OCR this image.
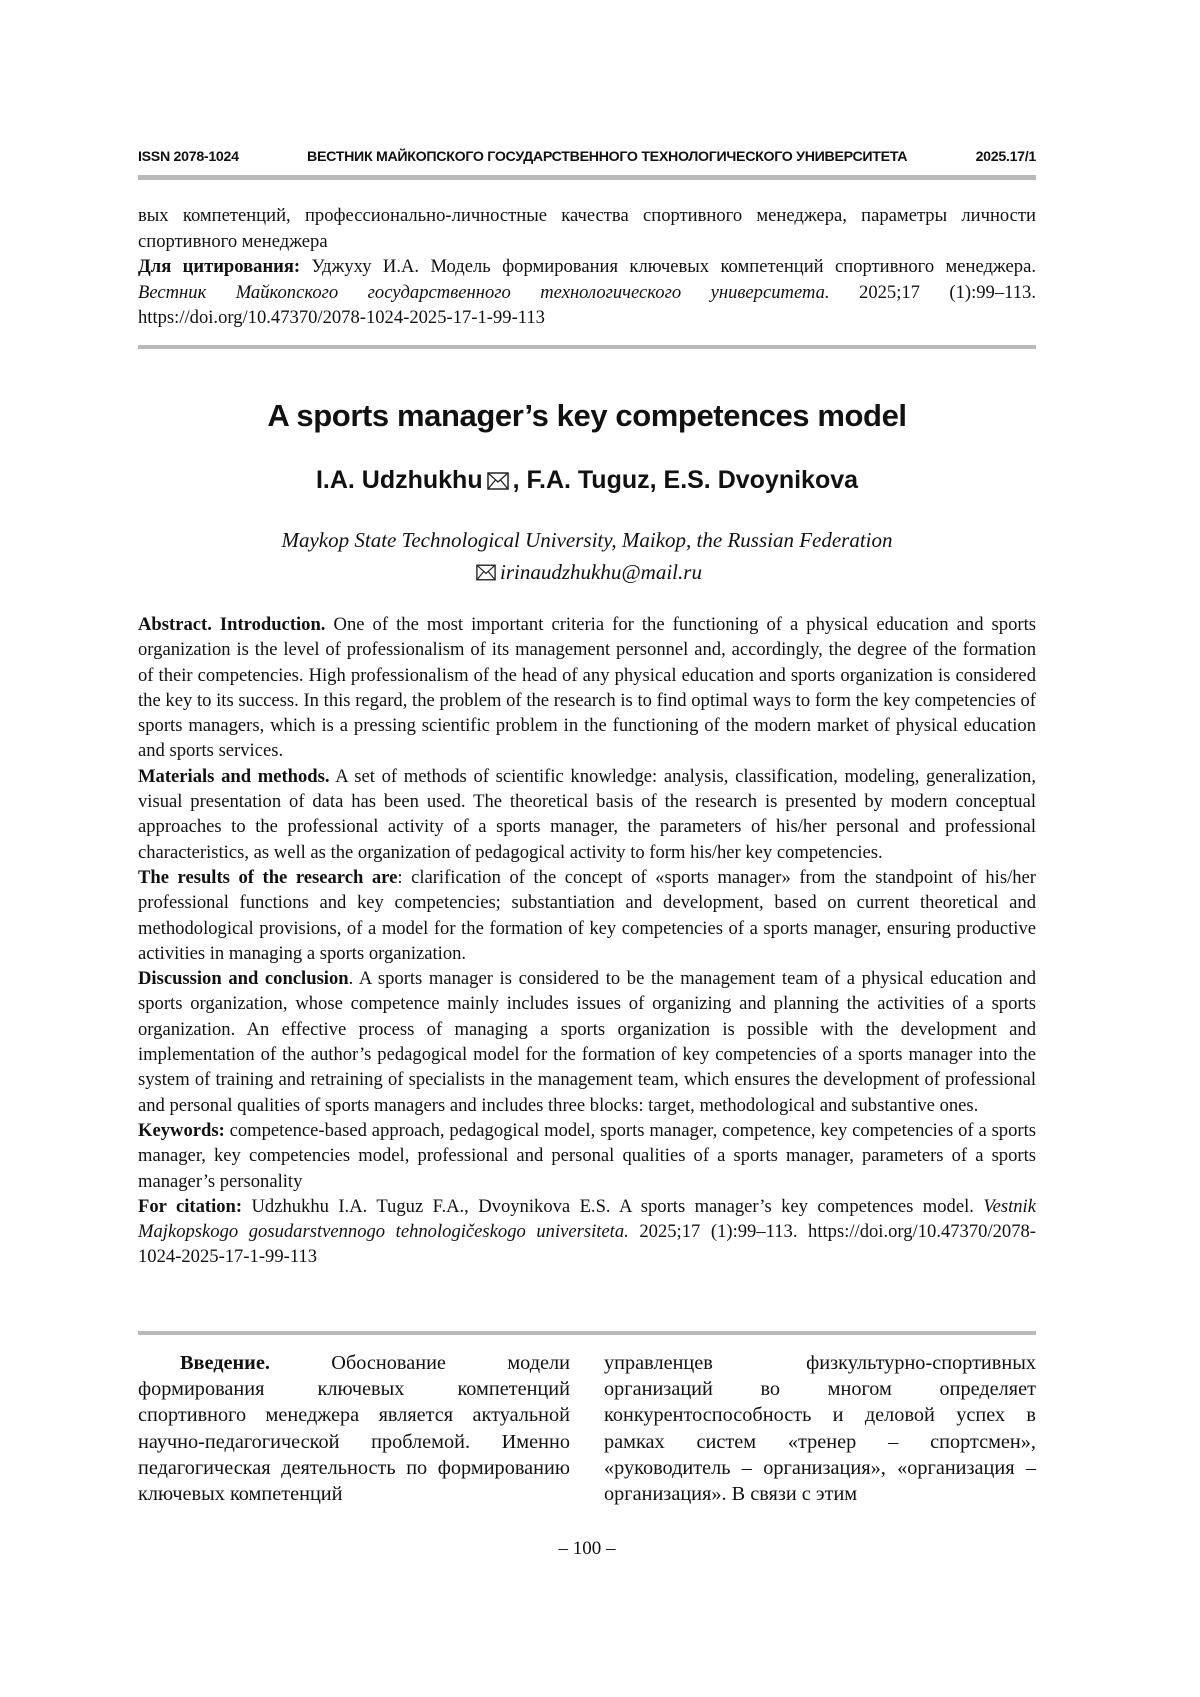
ISSN 2078-1024	ВЕСТНИК МАЙКОПСКОГО ГОСУДАРСТВЕННОГО ТЕХНОЛОГИЧЕСКОГО УНИВЕРСИТЕТА	2025.17/1

вых компетенций, профессионально-личностные качества спортивного менеджера, параметры личности спортивного менеджера

Для цитирования: Уджуху И.А. Модель формирования ключевых компетенций спортивного менеджера. Вестник Майкопского государственного технологического университета. 2025;17 (1):99–113. https://doi.org/10.47370/2078-1024-2025-17-1-99-113

A sports manager’s key competences model
I.A. Udzhukhu , F.A. Tuguz, E.S. Dvoynikova
Maykop State Technological University, Maikop, the Russian Federation
irinaudzhukhu@mail.ru

Abstract. Introduction. One of the most important criteria for the functioning of a physical education and sports organization is the level of professionalism of its management personnel and, accordingly, the degree of the formation of their competencies. High professionalism of the head of any physical education and sports organization is considered the key to its success. In this regard, the problem of the research is to find optimal ways to form the key competencies of sports managers, which is a pressing scientific problem in the functioning of the modern market of physical education and sports services.

Materials and methods. A set of methods of scientific knowledge: analysis, classification, modeling, generalization, visual presentation of data has been used. The theoretical basis of the research is presented by modern conceptual approaches to the professional activity of a sports manager, the parameters of his/her personal and professional characteristics, as well as the organization of pedagogical activity to form his/her key competencies.

The results of the research are: clarification of the concept of «sports manager» from the standpoint of his/her professional functions and key competencies; substantiation and development, based on current theoretical and methodological provisions, of a model for the formation of key competencies of a sports manager, ensuring productive activities in managing a sports organization.

Discussion and conclusion. A sports manager is considered to be the management team of a physical education and sports organization, whose competence mainly includes issues of organizing and planning the activities of a sports organization. An effective process of managing a sports organization is possible with the development and implementation of the author’s pedagogical model for the formation of key competencies of a sports manager into the system of training and retraining of specialists in the management team, which ensures the development of professional and personal qualities of sports managers and includes three blocks: target, methodological and substantive ones.

Keywords: competence-based approach, pedagogical model, sports manager, competence, key competencies of a sports manager, key competencies model, professional and personal qualities of a sports manager, parameters of a sports manager’s personality

For citation: Udzhukhu I.A. Tuguz F.A., Dvoynikova E.S. A sports manager’s key competences model. Vestnik Majkopskogo gosudarstvennogo tehnologičeskogo universiteta. 2025;17 (1):99–113. https://doi.org/10.47370/2078-1024-2025-17-1-99-113

Введение. Обоснование модели формирования ключевых компетенций спортивного менеджера является актуальной научно-педагогической проблемой. Именно педагогическая деятельность по формированию ключевых компетенций

управленцев физкультурно-спортивных организаций во многом определяет конкурентоспособность и деловой успех в рамках систем «тренер – спортсмен», «руководитель – организация», «организация – организация». В связи с этим

– 100 –
